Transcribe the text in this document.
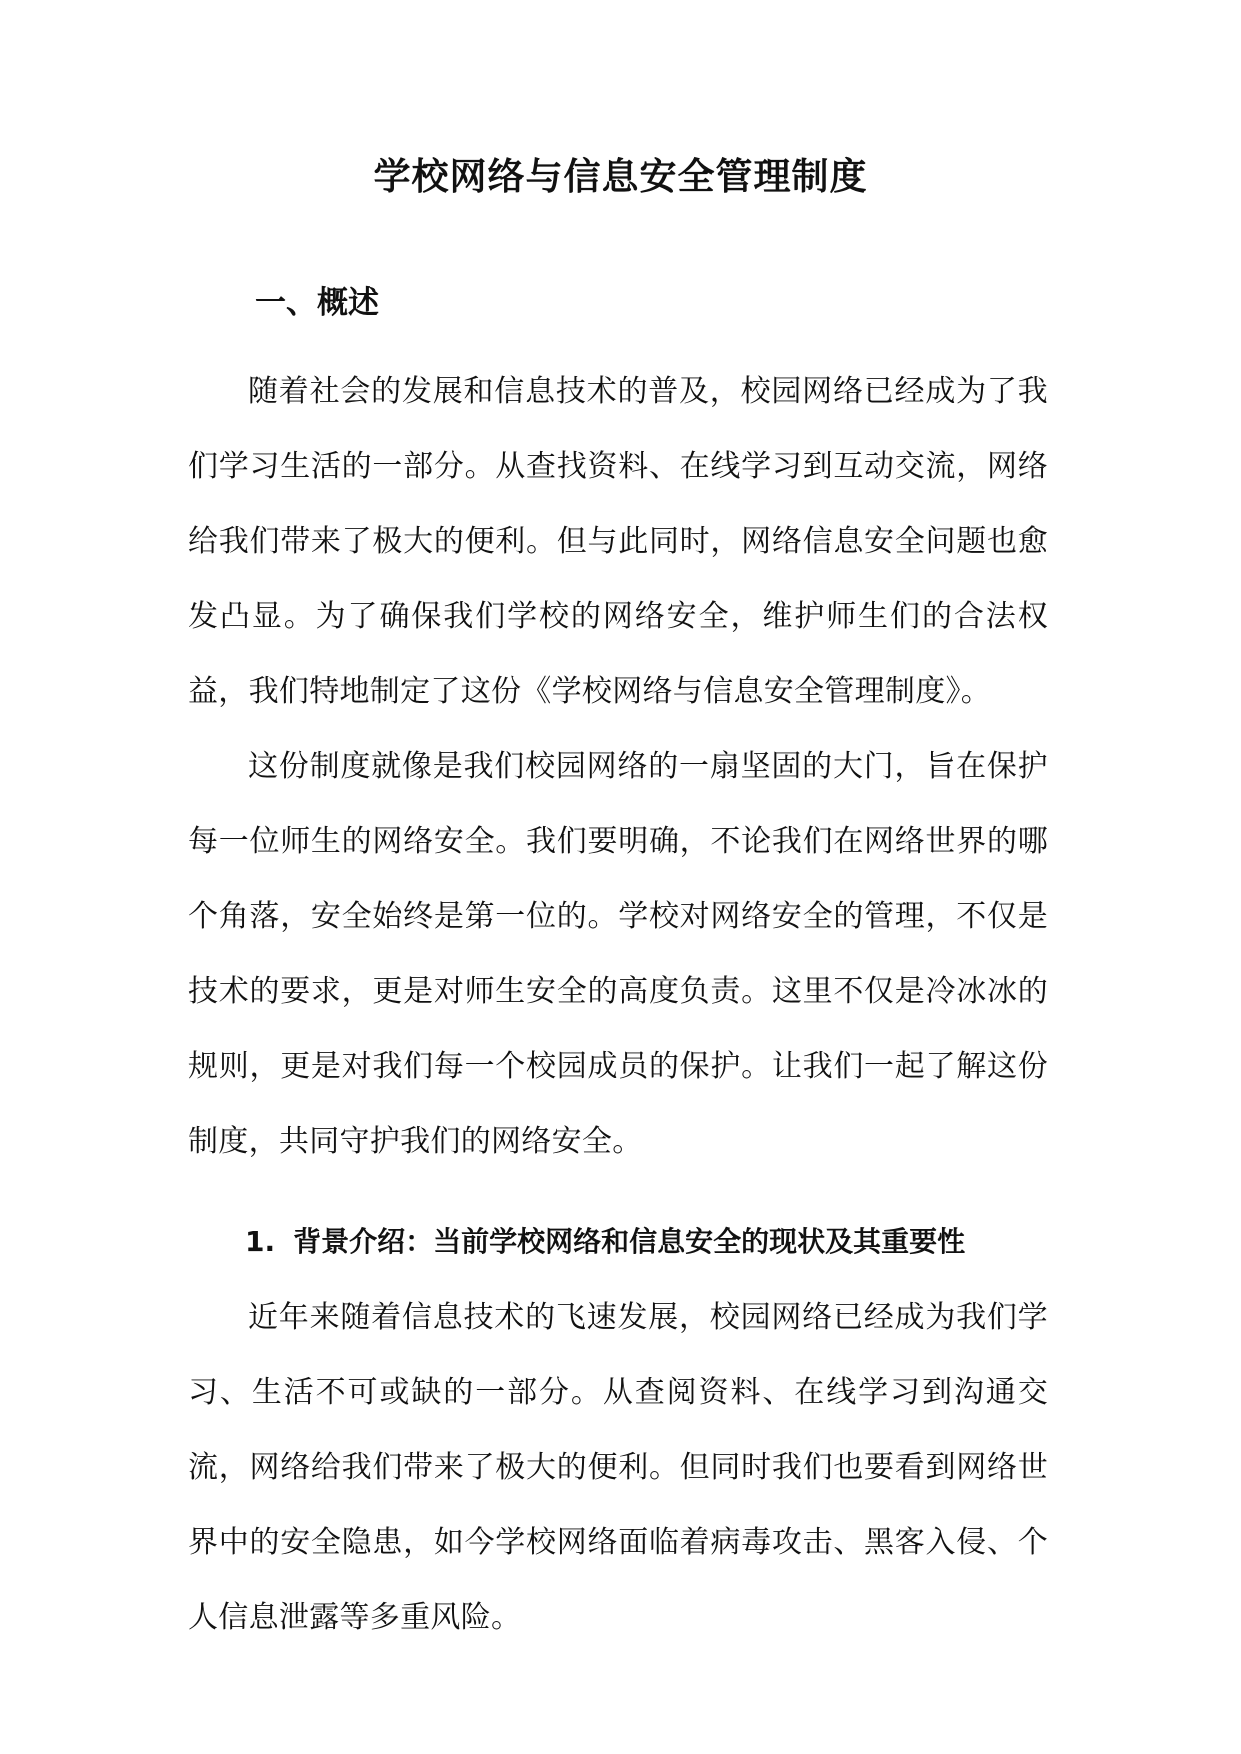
学校网络与信息安全管理制度
一、概述

随着社会的发展和信息技术的普及，校园网络已经成为了我们学习生活的一部分。从查找资料、在线学习到互动交流，网络给我们带来了极大的便利。但与此同时，网络信息安全问题也愈发凸显。为了确保我们学校的网络安全，维护师生们的合法权益，我们特地制定了这份《学校网络与信息安全管理制度》。

这份制度就像是我们校园网络的一扇坚固的大门，旨在保护每一位师生的网络安全。我们要明确，不论我们在网络世界的哪个角落，安全始终是第一位的。学校对网络安全的管理，不仅是技术的要求，更是对师生安全的高度负责。这里不仅是冷冰冰的规则，更是对我们每一个校园成员的保护。让我们一起了解这份制度，共同守护我们的网络安全。

1. 背景介绍：当前学校网络和信息安全的现状及其重要性

近年来随着信息技术的飞速发展，校园网络已经成为我们学习、生活不可或缺的一部分。从查阅资料、在线学习到沟通交流，网络给我们带来了极大的便利。但同时我们也要看到网络世界中的安全隐患，如今学校网络面临着病毒攻击、黑客入侵、个人信息泄露等多重风险。
